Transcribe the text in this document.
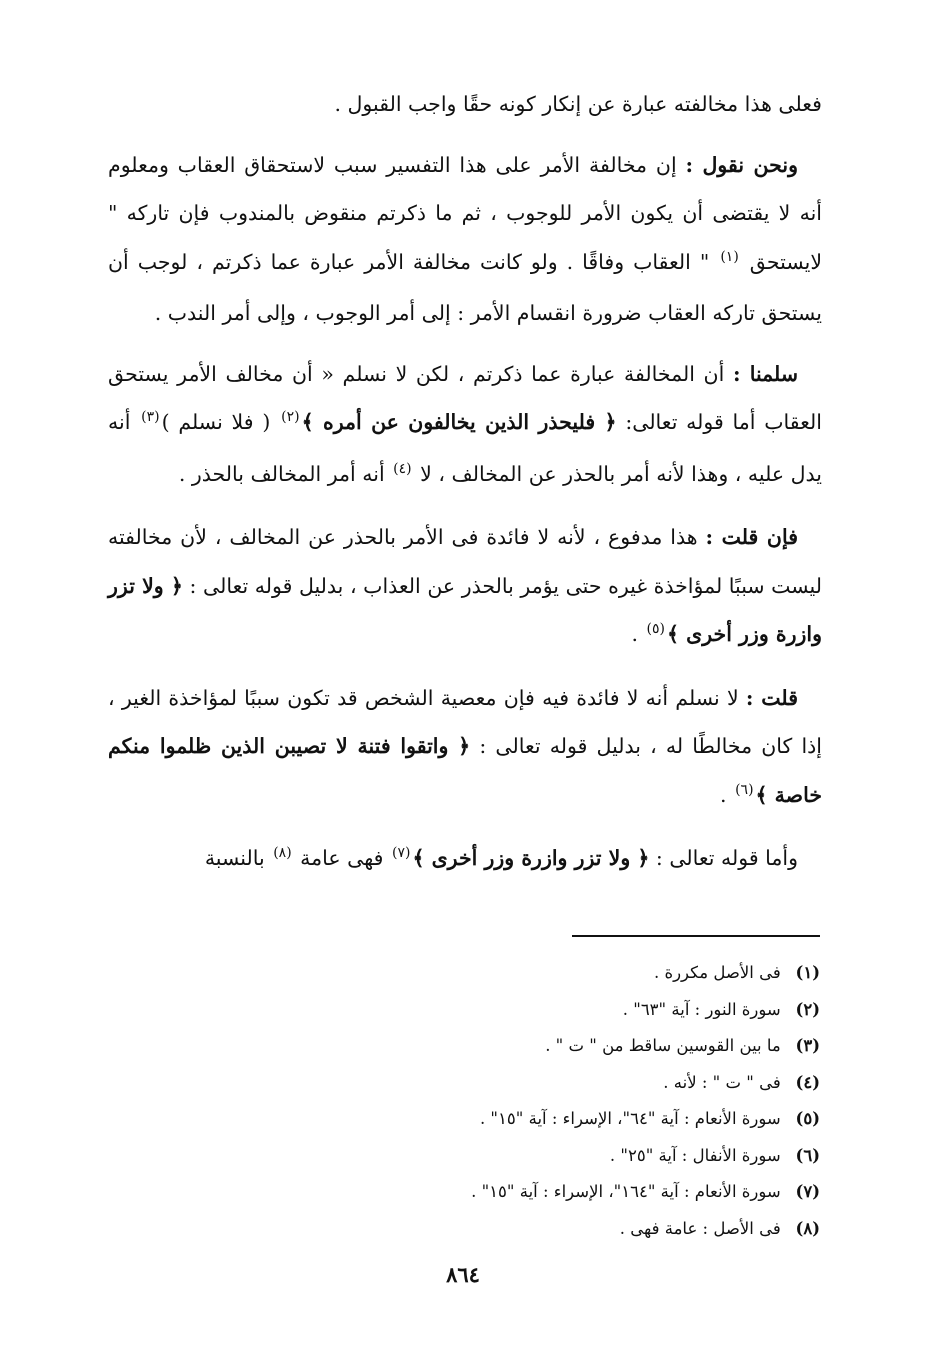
فعلى هذا مخالفته عبارة عن إنكار كونه حقًا واجب القبول .

ونحن نقول : إن مخالفة الأمر على هذا التفسير سبب لاستحقاق العقاب ومعلوم أنه لا يقتضى أن يكون الأمر للوجوب ، ثم ما ذكرتم منقوض بالمندوب فإن تاركه " لايستحق $^{(١)}$ " العقاب وفاقًا . ولو كانت مخالفة الأمر عبارة عما ذكرتم ، لوجب أن يستحق تاركه العقاب ضرورة انقسام الأمر : إلى أمر الوجوب ، وإلى أمر الندب .

سلمنا : أن المخالفة عبارة عما ذكرتم ، لكن لا نسلم « أن مخالف الأمر يستحق العقاب أما قوله تعالى: ﴿ فليحذر الذين يخالفون عن أمره ﴾$^{(٢)}$ ( فلا نسلم )$^{(٣)}$ أنه يدل عليه ، وهذا لأنه أمر بالحذر عن المخالف ، لا $^{(٤)}$ أنه أمر المخالف بالحذر .

فإن قلت : هذا مدفوع ، لأنه لا فائدة فى الأمر بالحذر عن المخالف ، لأن مخالفته ليست سببًا لمؤاخذة غيره حتى يؤمر بالحذر عن العذاب ، بدليل قوله تعالى : ﴿ ولا تزر وازرة وزر أخرى ﴾$^{(٥)}$ .

قلت : لا نسلم أنه لا فائدة فيه فإن معصية الشخص قد تكون سببًا لمؤاخذة الغير ، إذا كان مخالطًا له ، بدليل قوله تعالى : ﴿ واتقوا فتنة لا تصيبن الذين ظلموا منكم خاصة ﴾$^{(٦)}$ .

وأما قوله تعالى : ﴿ ولا تزر وازرة وزر أخرى ﴾$^{(٧)}$ فهى عامة $^{(٨)}$ بالنسبة

(١) فى الأصل مكررة .
(٢) سورة النور : آية "٦٣" .
(٣) ما بين القوسين ساقط من " ت " .
(٤) فى " ت " : لأنه .
(٥) سورة الأنعام : آية "٦٤"، الإسراء : آية "١٥" .
(٦) سورة الأنفال : آية "٢٥" .
(٧) سورة الأنعام : آية "١٦٤"، الإسراء : آية "١٥" .
(٨) فى الأصل : عامة فهى .
٨٦٤
